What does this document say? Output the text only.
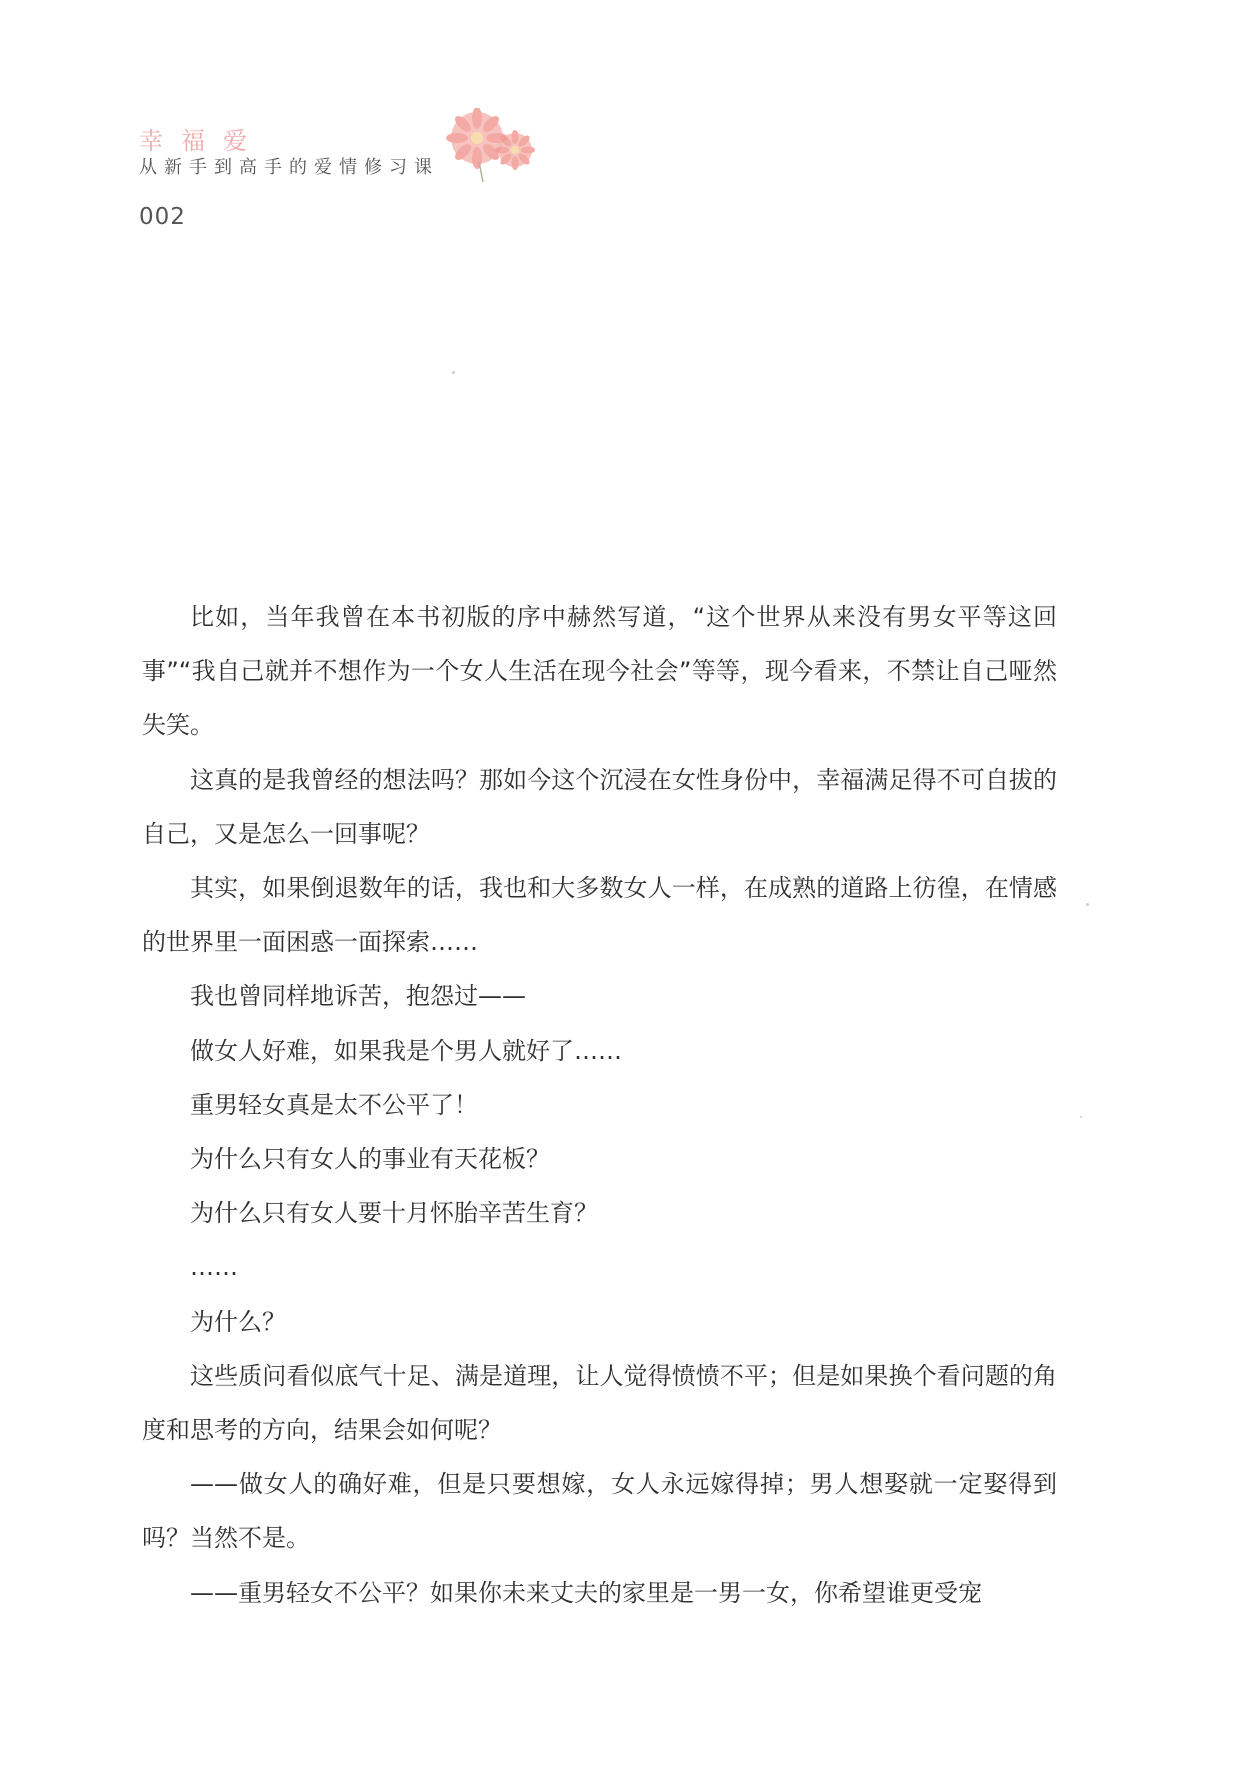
幸福爱
从新手到高手的爱情修习课
002

比如，当年我曾在本书初版的序中赫然写道，“这个世界从来没有男女平等这回事”“我自己就并不想作为一个女人生活在现今社会”等等，现今看来，不禁让自己哑然失笑。

这真的是我曾经的想法吗？那如今这个沉浸在女性身份中，幸福满足得不可自拔的自己，又是怎么一回事呢？

其实，如果倒退数年的话，我也和大多数女人一样，在成熟的道路上彷徨，在情感的世界里一面困惑一面探索……

我也曾同样地诉苦，抱怨过——

做女人好难，如果我是个男人就好了……

重男轻女真是太不公平了！

为什么只有女人的事业有天花板？

为什么只有女人要十月怀胎辛苦生育？

……

为什么？

这些质问看似底气十足、满是道理，让人觉得愤愤不平；但是如果换个看问题的角度和思考的方向，结果会如何呢？

——做女人的确好难，但是只要想嫁，女人永远嫁得掉；男人想娶就一定娶得到吗？当然不是。

——重男轻女不公平？如果你未来丈夫的家里是一男一女，你希望谁更受宠
